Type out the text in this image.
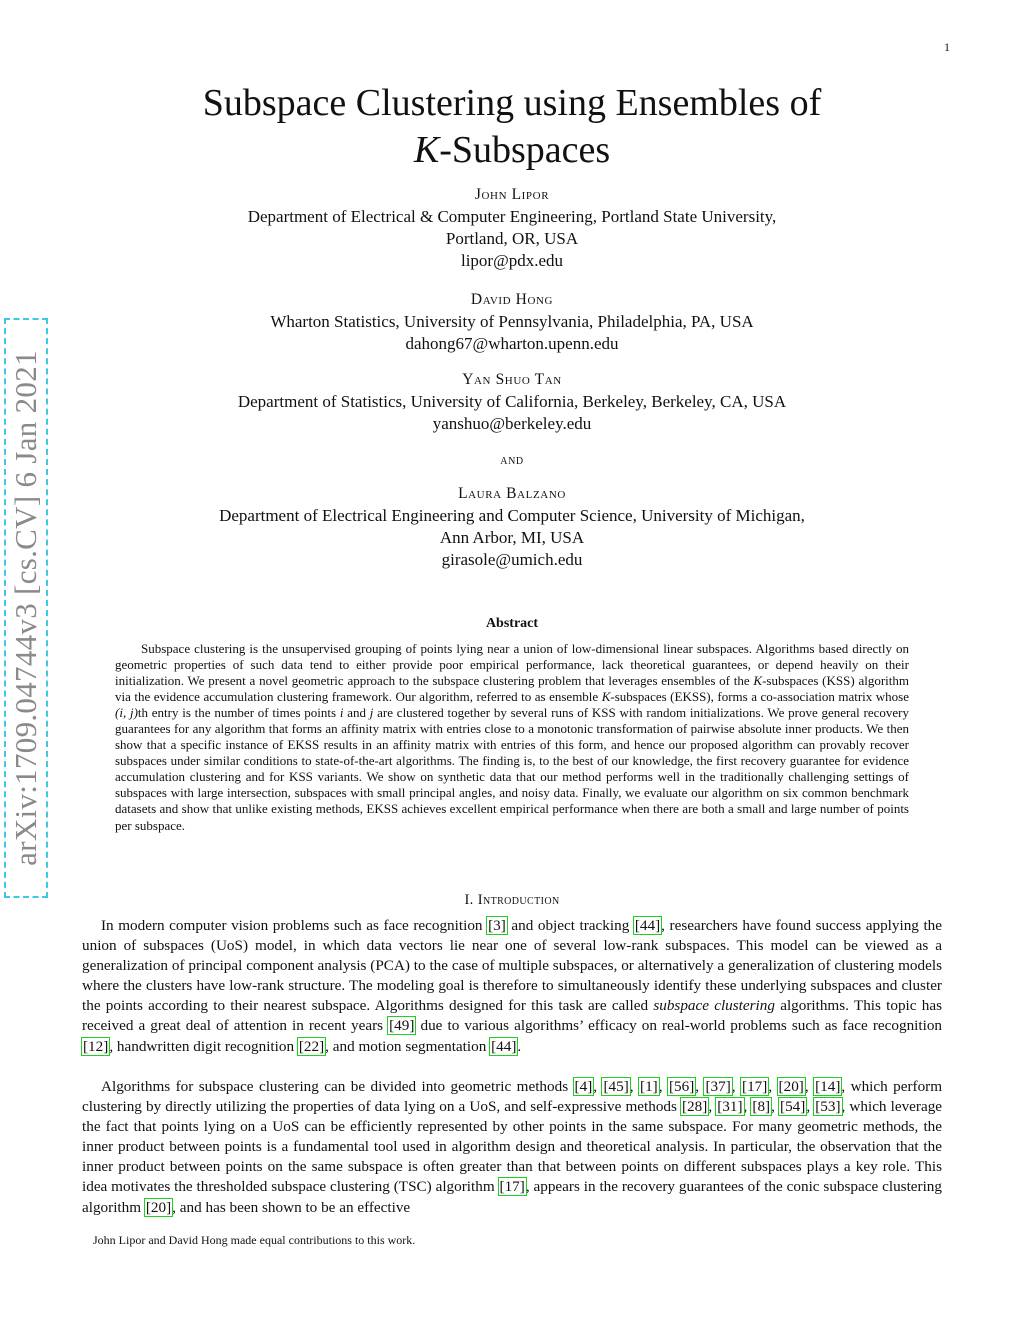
1
arXiv:1709.04744v3 [cs.CV] 6 Jan 2021
Subspace Clustering using Ensembles of
K-Subspaces
John Lipor
Department of Electrical & Computer Engineering, Portland State University,
Portland, OR, USA
lipor@pdx.edu
David Hong
Wharton Statistics, University of Pennsylvania, Philadelphia, PA, USA
dahong67@wharton.upenn.edu
Yan Shuo Tan
Department of Statistics, University of California, Berkeley, Berkeley, CA, USA
yanshuo@berkeley.edu
and
Laura Balzano
Department of Electrical Engineering and Computer Science, University of Michigan,
Ann Arbor, MI, USA
girasole@umich.edu
Abstract

Subspace clustering is the unsupervised grouping of points lying near a union of low-dimensional linear subspaces. Algorithms based directly on geometric properties of such data tend to either provide poor empirical performance, lack theoretical guarantees, or depend heavily on their initialization. We present a novel geometric approach to the subspace clustering problem that leverages ensembles of the K-subspaces (KSS) algorithm via the evidence accumulation clustering framework. Our algorithm, referred to as ensemble K-subspaces (EKSS), forms a co-association matrix whose (i, j)th entry is the number of times points i and j are clustered together by several runs of KSS with random initializations. We prove general recovery guarantees for any algorithm that forms an affinity matrix with entries close to a monotonic transformation of pairwise absolute inner products. We then show that a specific instance of EKSS results in an affinity matrix with entries of this form, and hence our proposed algorithm can provably recover subspaces under similar conditions to state-of-the-art algorithms. The finding is, to the best of our knowledge, the first recovery guarantee for evidence accumulation clustering and for KSS variants. We show on synthetic data that our method performs well in the traditionally challenging settings of subspaces with large intersection, subspaces with small principal angles, and noisy data. Finally, we evaluate our algorithm on six common benchmark datasets and show that unlike existing methods, EKSS achieves excellent empirical performance when there are both a small and large number of points per subspace.

I. Introduction

In modern computer vision problems such as face recognition [3] and object tracking [44], researchers have found success applying the union of subspaces (UoS) model, in which data vectors lie near one of several low-rank subspaces. This model can be viewed as a generalization of principal component analysis (PCA) to the case of multiple subspaces, or alternatively a generalization of clustering models where the clusters have low-rank structure. The modeling goal is therefore to simultaneously identify these underlying subspaces and cluster the points according to their nearest subspace. Algorithms designed for this task are called subspace clustering algorithms. This topic has received a great deal of attention in recent years [49] due to various algorithms’ efficacy on real-world problems such as face recognition [12], handwritten digit recognition [22], and motion segmentation [44].

Algorithms for subspace clustering can be divided into geometric methods [4], [45], [1], [56], [37], [17], [20], [14], which perform clustering by directly utilizing the properties of data lying on a UoS, and self-expressive methods [28], [31], [8], [54], [53], which leverage the fact that points lying on a UoS can be efficiently represented by other points in the same subspace. For many geometric methods, the inner product between points is a fundamental tool used in algorithm design and theoretical analysis. In particular, the observation that the inner product between points on the same subspace is often greater than that between points on different subspaces plays a key role. This idea motivates the thresholded subspace clustering (TSC) algorithm [17], appears in the recovery guarantees of the conic subspace clustering algorithm [20], and has been shown to be an effective

John Lipor and David Hong made equal contributions to this work.
